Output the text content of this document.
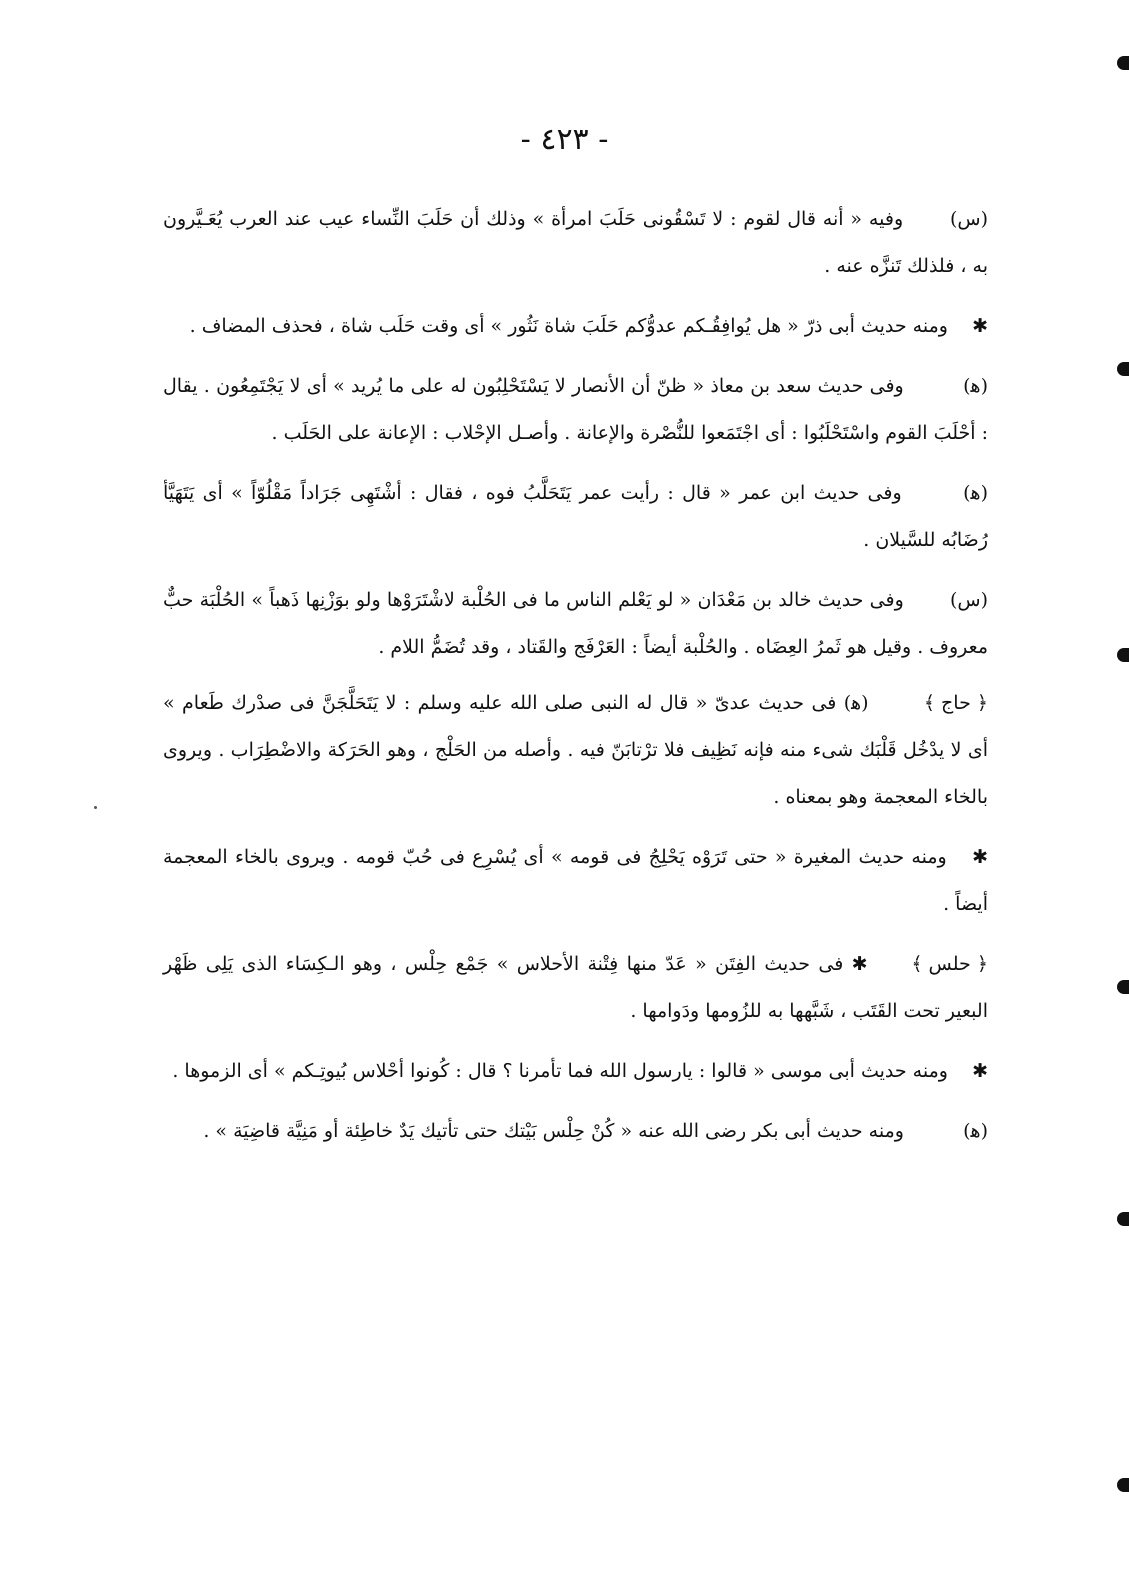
- ٤٢٣ -

(س) وفيه « أنه قال لقوم : لا تَسْقُونى حَلَبَ امرأة » وذلك أن حَلَبَ النِّساء عيب عند العرب يُعَـيَّرون به ، فلذلك تَنزَّه عنه .

✱ ومنه حديث أبى ذرّ « هل يُوافِقُـكم عدوُّكم حَلَبَ شاة نَثُور » أى وقت حَلَب شاة ، فحذف المضاف .

(ﻫ) وفى حديث سعد بن معاذ « ظنّ أن الأنصار لا يَسْتَحْلِبُون له على ما يُريد » أى لا يَجْتَمِعُون . يقال : أحْلَبَ القوم واسْتَحْلَبُوا : أى اجْتَمَعوا للنُّصْرة والإعانة . وأصـل الإحْلاب : الإعانة على الحَلَب .

(ﻫ) وفى حديث ابن عمر « قال : رأيت عمر يَتَحَلَّبُ فوه ، فقال : أشْتَهِى جَرَاداً مَقْلُوّاً » أى يَتَهَيَّأ رُضَابُه للسَّيلان .

(س) وفى حديث خالد بن مَعْدَان « لو يَعْلم الناس ما فى الحُلْبة لاشْتَرَوْها ولو بوَزْنِها ذَهباً » الحُلْبَة حبٌّ معروف . وقيل هو ثَمرُ العِضَاه . والحُلْبة أيضاً : العَرْفَج والقَتاد ، وقد تُضَمُّ اللام .

﴿ حاج ﴾ (ﻫ) فى حديث عدىّ « قال له النبى صلى الله عليه وسلم : لا يَتَحَلَّجَنَّ فى صدْرك طَعام » أى لا يدْخُل قَلْبَك شىء منه فإنه نَظِيف فلا ترْتابَنّ فيه . وأصله من الحَلْج ، وهو الحَرَكة والاضْطِرَاب . ويروى بالخاء المعجمة وهو بمعناه .

✱ ومنه حديث المغيرة « حتى تَرَوْه يَحْلِجُ فى قومه » أى يُسْرِع فى حُبّ قومه . ويروى بالخاء المعجمة أيضاً .

﴿ حلس ﴾ ✱ فى حديث الفِتَن « عَدّ منها فِتْنة الأحلاس » جَمْع حِلْس ، وهو الـكِسَاء الذى يَلِى ظَهْر البعير تحت القَتَب ، شَبَّهها به للزُومها ودَوامها .

✱ ومنه حديث أبى موسى « قالوا : يارسول الله فما تأمرنا ؟ قال : كُونوا أحْلاس بُيوتِـكم » أى الزموها .

(ﻫ) ومنه حديث أبى بكر رضى الله عنه « كُنْ حِلْس بَيْتك حتى تأتيك يَدٌ خاطِئة أو مَنِيَّة قاضِيَة » .
